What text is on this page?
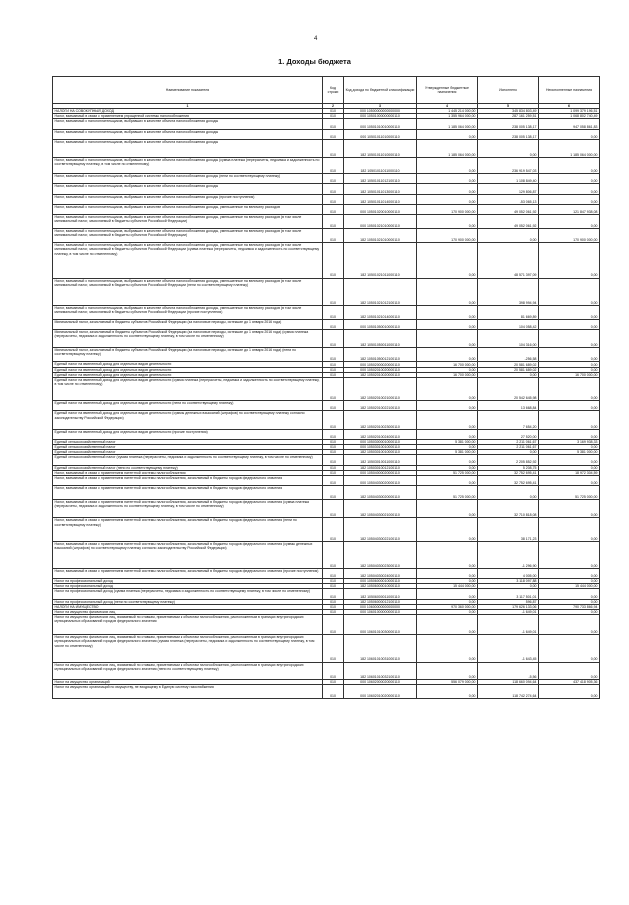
4
1. Доходы бюджета
Наименование показателя	Код строки	Код дохода по бюджетной классификации	Утвержденные бюджетные назначения	Исполнено	Неисполненные назначения
1	2	3	4	5	6
НАЛОГИ НА СОВОКУПНЫЙ ДОХОД	010	000 10500000000000000	1 445 214 000,00	345 834 803,49	1 099 379 196,51
Налог, взимаемый в связи с применением упрощенной системы налогообложения	010	000 10501000000000110	1 355 964 000,00	287 161 259,51	1 068 802 740,49
Налог, взимаемый с налогоплательщиков, выбравших в качестве объекта налогообложения доходы	010	000 10501010010000110	1 185 064 000,00	238 005 138,17	947 058 861,83
Налог, взимаемый с налогоплательщиков, выбравших в качестве объекта налогообложения доходы	010	000 10501011010000110	0,00	238 005 138,17	0,00
Налог, взимаемый с налогоплательщиков, выбравших в качестве объекта налогообложения доходы	010	182 10501011010000110	1 185 064 000,00	0,00	1 185 064 000,00
Налог, взимаемый с налогоплательщиков, выбравших в качестве объекта налогообложения доходы (сумма платежа (перерасчеты, недоимка и задолженность по соответствующему платежу, в том числе по отмененному)	010	182 10501011011000110	0,00	236 919 547,03	0,00
Налог, взимаемый с налогоплательщиков, выбравших в качестве объекта налогообложения доходы (пени по соответствующему платежу)	010	182 10501011012100110	0,00	1 108 849,40	0,00
Налог, взимаемый с налогоплательщиков, выбравших в качестве объекта налогообложения доходы	010	182 10501011013000110	0,00	129 806,87	0,00
Налог, взимаемый с налогоплательщиков, выбравших в качестве объекта налогообложения доходы (прочие поступления)	010	182 10501011014000110	0,00	-53 065,13	0,00
Налог, взимаемый с налогоплательщиков, выбравших в качестве объекта налогообложения доходы, уменьшенные на величину расходов	010	000 10501020010000110	170 900 000,00	49 052 061,92	121 847 938,08
Налог, взимаемый с налогоплательщиков, выбравших в качестве объекта налогообложения доходы, уменьшенные на величину расходов (в том числе минимальный налог, зачисляемый в бюджеты субъектов Российской Федерации)	010	000 10501021010000110	0,00	49 052 061,92	0,00
Налог, взимаемый с налогоплательщиков, выбравших в качестве объекта налогообложения доходы, уменьшенные на величину расходов (в том числе минимальный налог, зачисляемый в бюджеты субъектов Российской Федерации)	010	182 10501021010000110	170 900 000,00	0,00	170 900 000,00
Налог, взимаемый с налогоплательщиков, выбравших в качестве объекта налогообложения доходы, уменьшенные на величину расходов (в том числе минимальный налог, зачисляемый в бюджеты субъектов Российской Федерации (сумма платежа (перерасчеты, недоимка и задолженность по соответствующему платежу, в том числе по отмененному)	010	182 10501021011000110	0,00	48 571 397,09	0,00
Налог, взимаемый с налогоплательщиков, выбравших в качестве объекта налогообложения доходы, уменьшенные на величину расходов (в том числе минимальный налог, зачисляемый в бюджеты субъектов Российской Федерации (пени по соответствующему платежу)	010	182 10501021012100110	0,00	398 994,94	0,00
Налог, взимаемый с налогоплательщиков, выбравших в качестве объекта налогообложения доходы, уменьшенные на величину расходов (в том числе минимальный налог, зачисляемый в бюджеты субъектов Российской Федерации (прочие поступления)	010	182 10501021014000110	0,00	81 669,89	0,00
Минимальный налог, зачисляемый в бюджеты субъектов Российской Федерации (за налоговые периоды, истекшие до 1 января 2016 года)	010	000 10501050010000110	0,00	104 058,42	0,00
Минимальный налог, зачисляемый в бюджеты субъектов Российской Федерации (за налоговые периоды, истекшие до 1 января 2016 года) (сумма платежа (перерасчеты, недоимка и задолженность по соответствующему платежу, в том числе по отмененному)	010	182 10501050011000110	0,00	104 316,00	0,00
Минимальный налог, зачисляемый в бюджеты субъектов Российской Федерации (за налоговые периоды, истекшие до 1 января 2016 года) (пени по соответствующему платежу)	010	182 10501050012100110	0,00	-256,58	0,00
Единый налог на вмененный доход для отдельных видов деятельности	010	000 10502000020000110	16 700 000,00	20 581 689,02	0,00
Единый налог на вмененный доход для отдельных видов деятельности	010	000 10502010020000110	0,00	20 581 689,02	0,00
Единый налог на вмененный доход для отдельных видов деятельности	010	182 10502010020000110	16 700 000,00	0,00	16 700 000,00
Единый налог на вмененный доход для отдельных видов деятельности (сумма платежа (перерасчеты, недоимка и задолженность по соответствующему платежу, в том числе по отмененному)	010	182 10502010021000110	0,00	20 542 645,98	0,00
Единый налог на вмененный доход для отдельных видов деятельности (пени по соответствующему платежу)	010	182 10502010022100110	0,00	13 668,84	0,00
Единый налог на вмененный доход для отдельных видов деятельности (суммы денежных взысканий (штрафов) по соответствующему платежу согласно законодательству Российской Федерации)	010	182 10502010023000110	0,00	7 654,20	0,00
Единый налог на вмененный доход для отдельных видов деятельности (прочие поступления)	010	182 10502010024000110	0,00	27 520,00	0,00
Единый сельскохозяйственный налог	010	000 10503000010000110	5 381 000,00	2 211 061,67	3 169 938,33
Единый сельскохозяйственный налог	010	000 10503010010000110	0,00	2 211 061,67	0,00
Единый сельскохозяйственный налог	010	182 10503010010000110	5 381 000,00	0,00	5 381 000,00
Единый сельскохозяйственный налог (сумма платежа (перерасчеты, недоимка и задолженность по соответствующему платежу, в том числе по отмененному)	010	182 10503010011000110	0,00	2 205 852,92	0,00
Единый сельскохозяйственный налог (пени по соответствующему платежу)	010	182 10503010012100110	0,00	5 208,75	0,00
Налог, взимаемый в связи с применением патентной системы налогообложения	010	000 10504000020000110	51 725 000,00	32 752 695,41	18 972 304,59
Налог, взимаемый в связи с применением патентной системы налогообложения, зачисляемый в бюджеты городов федерального значения	010	000 10504030020000110	0,00	32 752 695,41	0,00
Налог, взимаемый в связи с применением патентной системы налогообложения, зачисляемый в бюджеты городов федерального значения	010	182 10504030020000110	51 725 000,00	0,00	51 725 000,00
Налог, взимаемый в связи с применением патентной системы налогообложения, зачисляемый в бюджеты городов федерального значения (сумма платежа (перерасчеты, недоимка и задолженность по соответствующему платежу, в том числе по отмененному)	010	182 10504030021000110	0,00	32 710 818,08	0,00
Налог, взимаемый в связи с применением патентной системы налогообложения, зачисляемый в бюджеты городов федерального значения (пени по соответствующему платежу)	010	182 10504030022100110	0,00	38 171,23	0,00
Налог, взимаемый в связи с применением патентной системы налогообложения, зачисляемый в бюджеты городов федерального значения (суммы денежных взысканий (штрафов) по соответствующему платежу согласно законодательству Российской Федерации)	010	182 10504030023000110	0,00	-1 296,90	0,00
Налог, взимаемый в связи с применением патентной системы налогообложения, зачисляемый в бюджеты городов федерального значения (прочие поступления)	010	182 10504030024000110	0,00	4 005,00	0,00
Налог на профессиональный доход	010	000 10506000010000110	0,00	3 118 097,88	0,00
Налог на профессиональный доход	010	182 10506000010000110	15 444 000,00	0,00	15 444 000,00
Налог на профессиональный доход (сумма платежа (перерасчеты, недоимка и задолженность по соответствующему платежу, в том числе по отмененному)	010	182 10506000011000110	0,00	3 117 501,01	0,00
Налог на профессиональный доход (пени по соответствующему платежу)	010	182 10506000012100110	0,00	596,87	0,00
НАЛОГИ НА ИМУЩЕСТВО	010	000 10600000000000000	970 360 000,00	179 626 133,06	790 733 866,94
Налог на имущество физических лиц	010	000 10601000000000110	0,00	-1 649,01	0,00
Налог на имущество физических лиц, взимаемый по ставкам, применяемым к объектам налогообложения, расположенным в границах внутригородских муниципальных образований городов федерального значения	010	000 10601010030000110	0,00	-1 649,01	0,00
Налог на имущество физических лиц, взимаемый по ставкам, применяемым к объектам налогообложения, расположенным в границах внутригородских муниципальных образований городов федерального значения (сумма платежа (перерасчеты, недоимка и задолженность по соответствующему платежу, в том числе по отмененному)	010	182 10601010031000110	0,00	-1 643,45	0,00
Налог на имущество физических лиц, взимаемый по ставкам, применяемым к объектам налогообложения, расположенным в границах внутригородских муниципальных образований городов федерального значения (пени по соответствующему платежу)	010	182 10601010032100110	0,00	-5,56	0,00
Налог на имущество организаций	010	000 10602000020000110	556 079 000,00	118 660 094,64	437 418 905,36
Налог на имущество организаций по имуществу, не входящему в Единую систему газоснабжения	010	000 10602010020000110	0,00	118 742 274,64	0,00
